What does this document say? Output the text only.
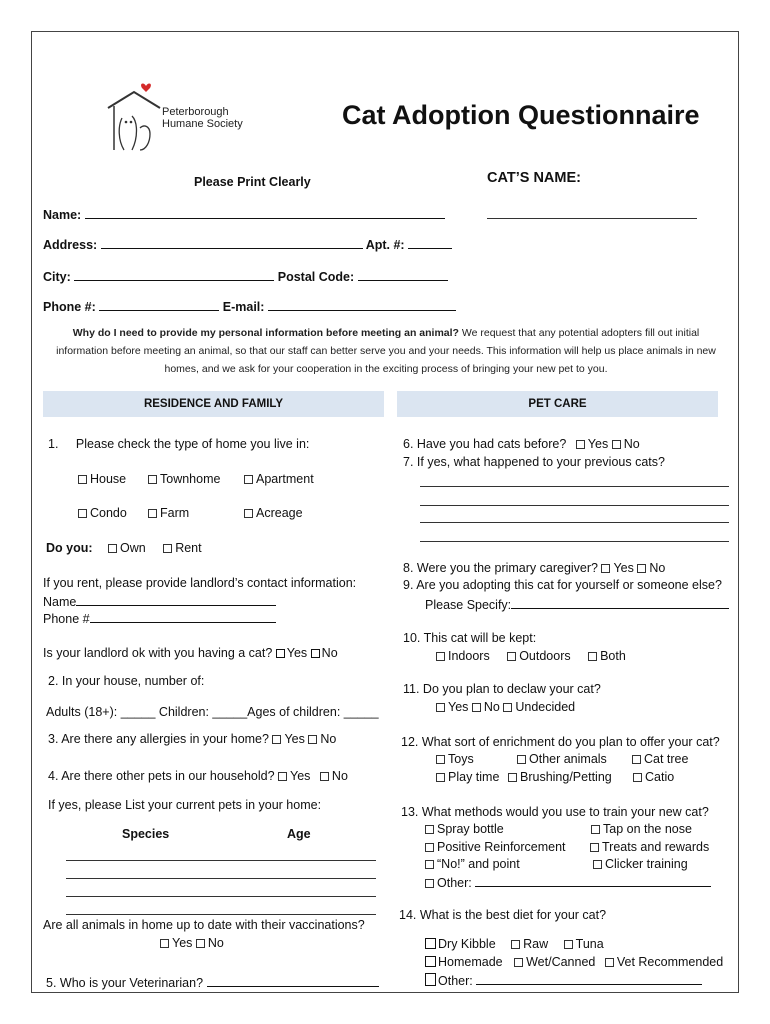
Peterborough
Humane Society	Cat Adoption Questionnaire
Please Print Clearly	CAT’S NAME:
Name:
Address:	Apt. #:
City:	Postal Code:
Phone #:	E-mail:
Why do I need to provide my personal information before meeting an animal? We request that any potential adopters fill out initial information before meeting an animal, so that our staff can better serve you and your needs. This information will help us place animals in new homes, and we ask for your cooperation in the exciting process of bringing your new pet to you.
RESIDENCE AND FAMILY	PET CARE
1. Please check the type of home you live in:
House	Townhome	Apartment
Condo	Farm	Acreage
Do you: Own Rent
If you rent, please provide landlord’s contact information:
Name
Phone #
Is your landlord ok with you having a cat? Yes No
2. In your house, number of:
Adults (18+): _____ Children: _____Ages of children: _____
3. Are there any allergies in your home? Yes No
4. Are there other pets in our household? Yes No
If yes, please List your current pets in your home:
Species	Age
Are all animals in home up to date with their vaccinations?
Yes No
5. Who is your Veterinarian?
6. Have you had cats before? Yes No
7. If yes, what happened to your previous cats?
8. Were you the primary caregiver? Yes No
9. Are you adopting this cat for yourself or someone else?
Please Specify:
10. This cat will be kept:
Indoors Outdoors Both
11. Do you plan to declaw your cat?
Yes No Undecided
12. What sort of enrichment do you plan to offer your cat?
Toys	Other animals	Cat tree
Play time	Brushing/Petting	Catio
13. What methods would you use to train your new cat?
Spray bottle	Tap on the nose
Positive Reinforcement	Treats and rewards
“No!” and point	Clicker training
Other:
14. What is the best diet for your cat?
Dry Kibble Raw Tuna
Homemade Wet/Canned Vet Recommended
Other:
